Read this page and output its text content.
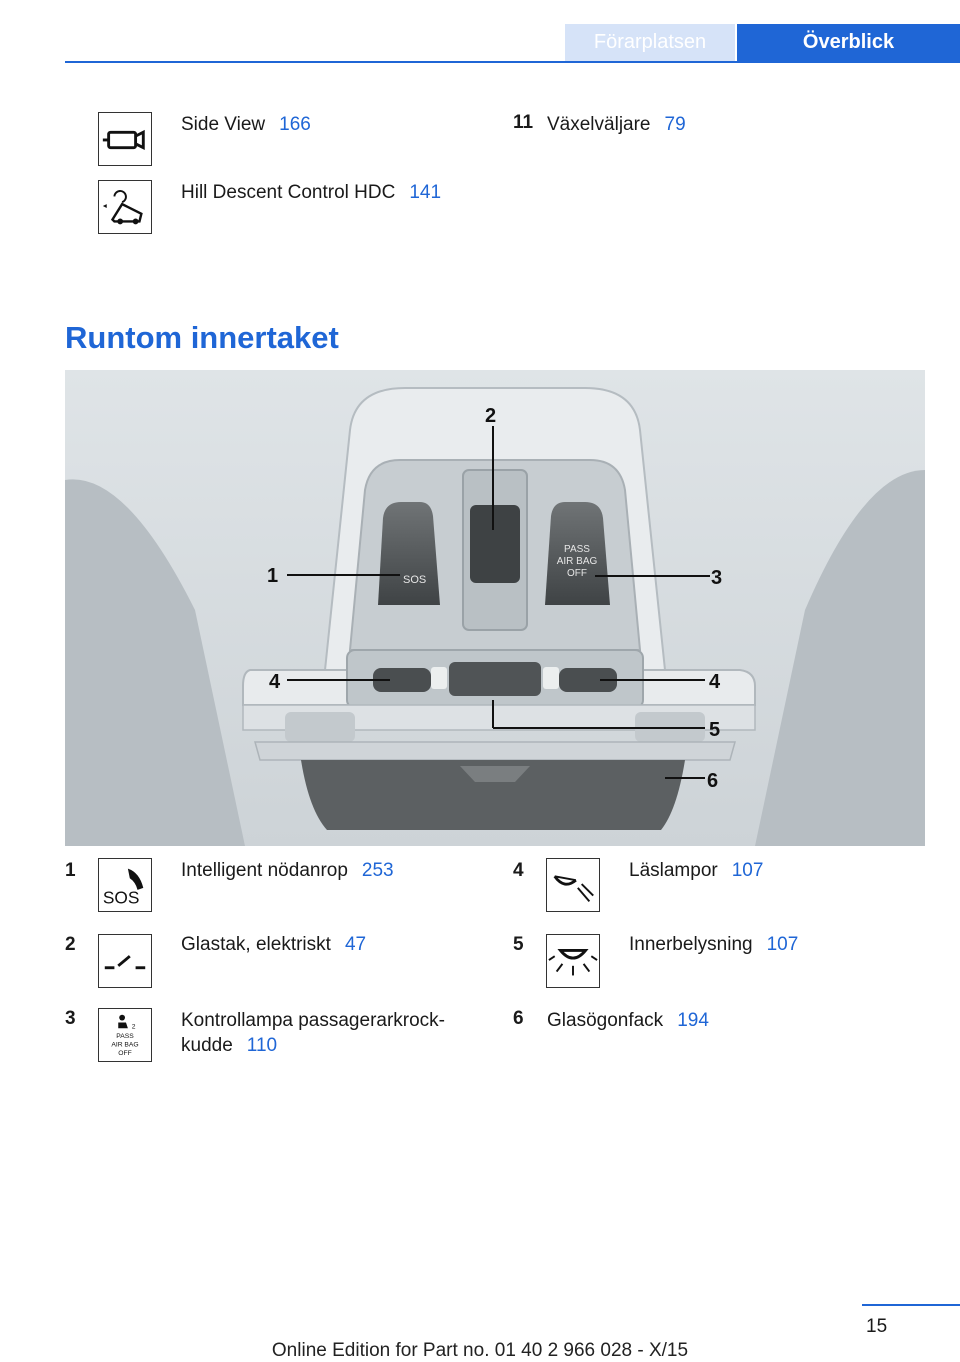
Förarplatsen	Överblick
Side View 166
Hill Descent Control HDC 141
11 Växelväljare 79
Runtom innertaket
SOS
PASS
AIR BAG
OFF
2
1	3
4	4
5
6
1
SOS
Intelligent nödanrop 253
2	Glastak, elektriskt 47
3	2
PASS
AIR BAG
OFF
Kontrollampa passagerarkrock-
kudde 110
4	Läslampor 107
5	Innerbelysning 107
6 Glasögonfack 194
15
Online Edition for Part no. 01 40 2 966 028 - X/15
